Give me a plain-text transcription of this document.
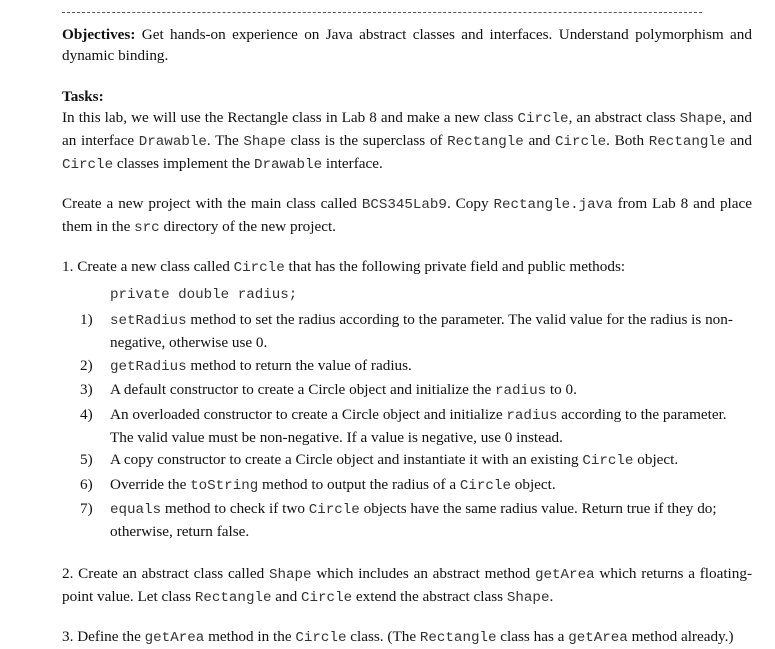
Objectives: Get hands-on experience on Java abstract classes and interfaces. Understand polymorphism and dynamic binding.

Tasks:

In this lab, we will use the Rectangle class in Lab 8 and make a new class Circle, an abstract class Shape, and an interface Drawable. The Shape class is the superclass of Rectangle and Circle. Both Rectangle and Circle classes implement the Drawable interface.

Create a new project with the main class called BCS345Lab9. Copy Rectangle.java from Lab 8 and place them in the src directory of the new project.

1. Create a new class called Circle that has the following private field and public methods:

private double radius;

1) setRadius method to set the radius according to the parameter. The valid value for the radius is non-negative, otherwise use 0.
2) getRadius method to return the value of radius.
3) A default constructor to create a Circle object and initialize the radius to 0.
4) An overloaded constructor to create a Circle object and initialize radius according to the parameter. The valid value must be non-negative. If a value is negative, use 0 instead.
5) A copy constructor to create a Circle object and instantiate it with an existing Circle object.
6) Override the toString method to output the radius of a Circle object.
7) equals method to check if two Circle objects have the same radius value. Return true if they do; otherwise, return false.

2. Create an abstract class called Shape which includes an abstract method getArea which returns a floating-point value. Let class Rectangle and Circle extend the abstract class Shape.

3. Define the getArea method in the Circle class. (The Rectangle class has a getArea method already.)
